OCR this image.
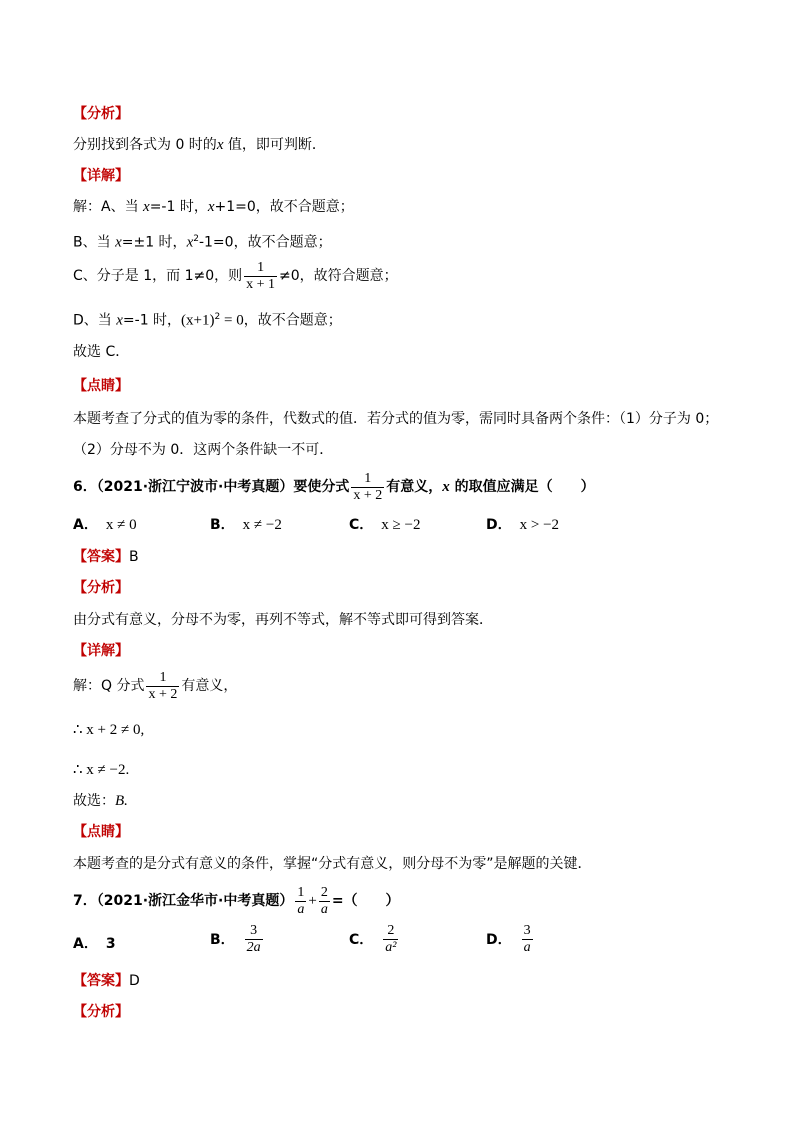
【分析】
分别找到各式为 0 时的x 值，即可判断．
【详解】
解：A、当 x=-1 时，x+1=0，故不合题意；
B、当 x=±1 时，$x^2-1=0$，故不合题意；
C、分子是 1，而 1≠0，则 $\frac{1}{x + 1} \ne 0$，故符合题意；
D、当 x=-1 时，$(x+1)^2 = 0$，故不合题意；
故选 C．
【点睛】
本题考查了分式的值为零的条件，代数式的值．若分式的值为零，需同时具备两个条件：（1）分子为 0；
（2）分母不为 0．这两个条件缺一不可．
6．（2021·浙江宁波市·中考真题）要使分式 $\frac{1}{x + 2}$ 有意义，x 的取值应满足（　　）
A． x ≠ 0	B． x ≠ −2	C． x ≥ −2	D． x > −2
【答案】B
【分析】
由分式有意义，分母不为零，再列不等式，解不等式即可得到答案．
【详解】
解：Q 分式 $\frac{1}{x + 2}$ 有意义，
∴ x + 2 ≠ 0,
∴ x ≠ −2.
故选：B.
【点睛】
本题考查的是分式有意义的条件，掌握“分式有意义，则分母不为零”是解题的关键．
7．（2021·浙江金华市·中考真题） $\frac{1}{a} + \frac{2}{a}$ =（　　）
A． 3	B． $\frac{3}{2a}$	C． $\frac{2}{\text{a²}}$	D． $\frac{3}{a}$
【答案】D
【分析】
